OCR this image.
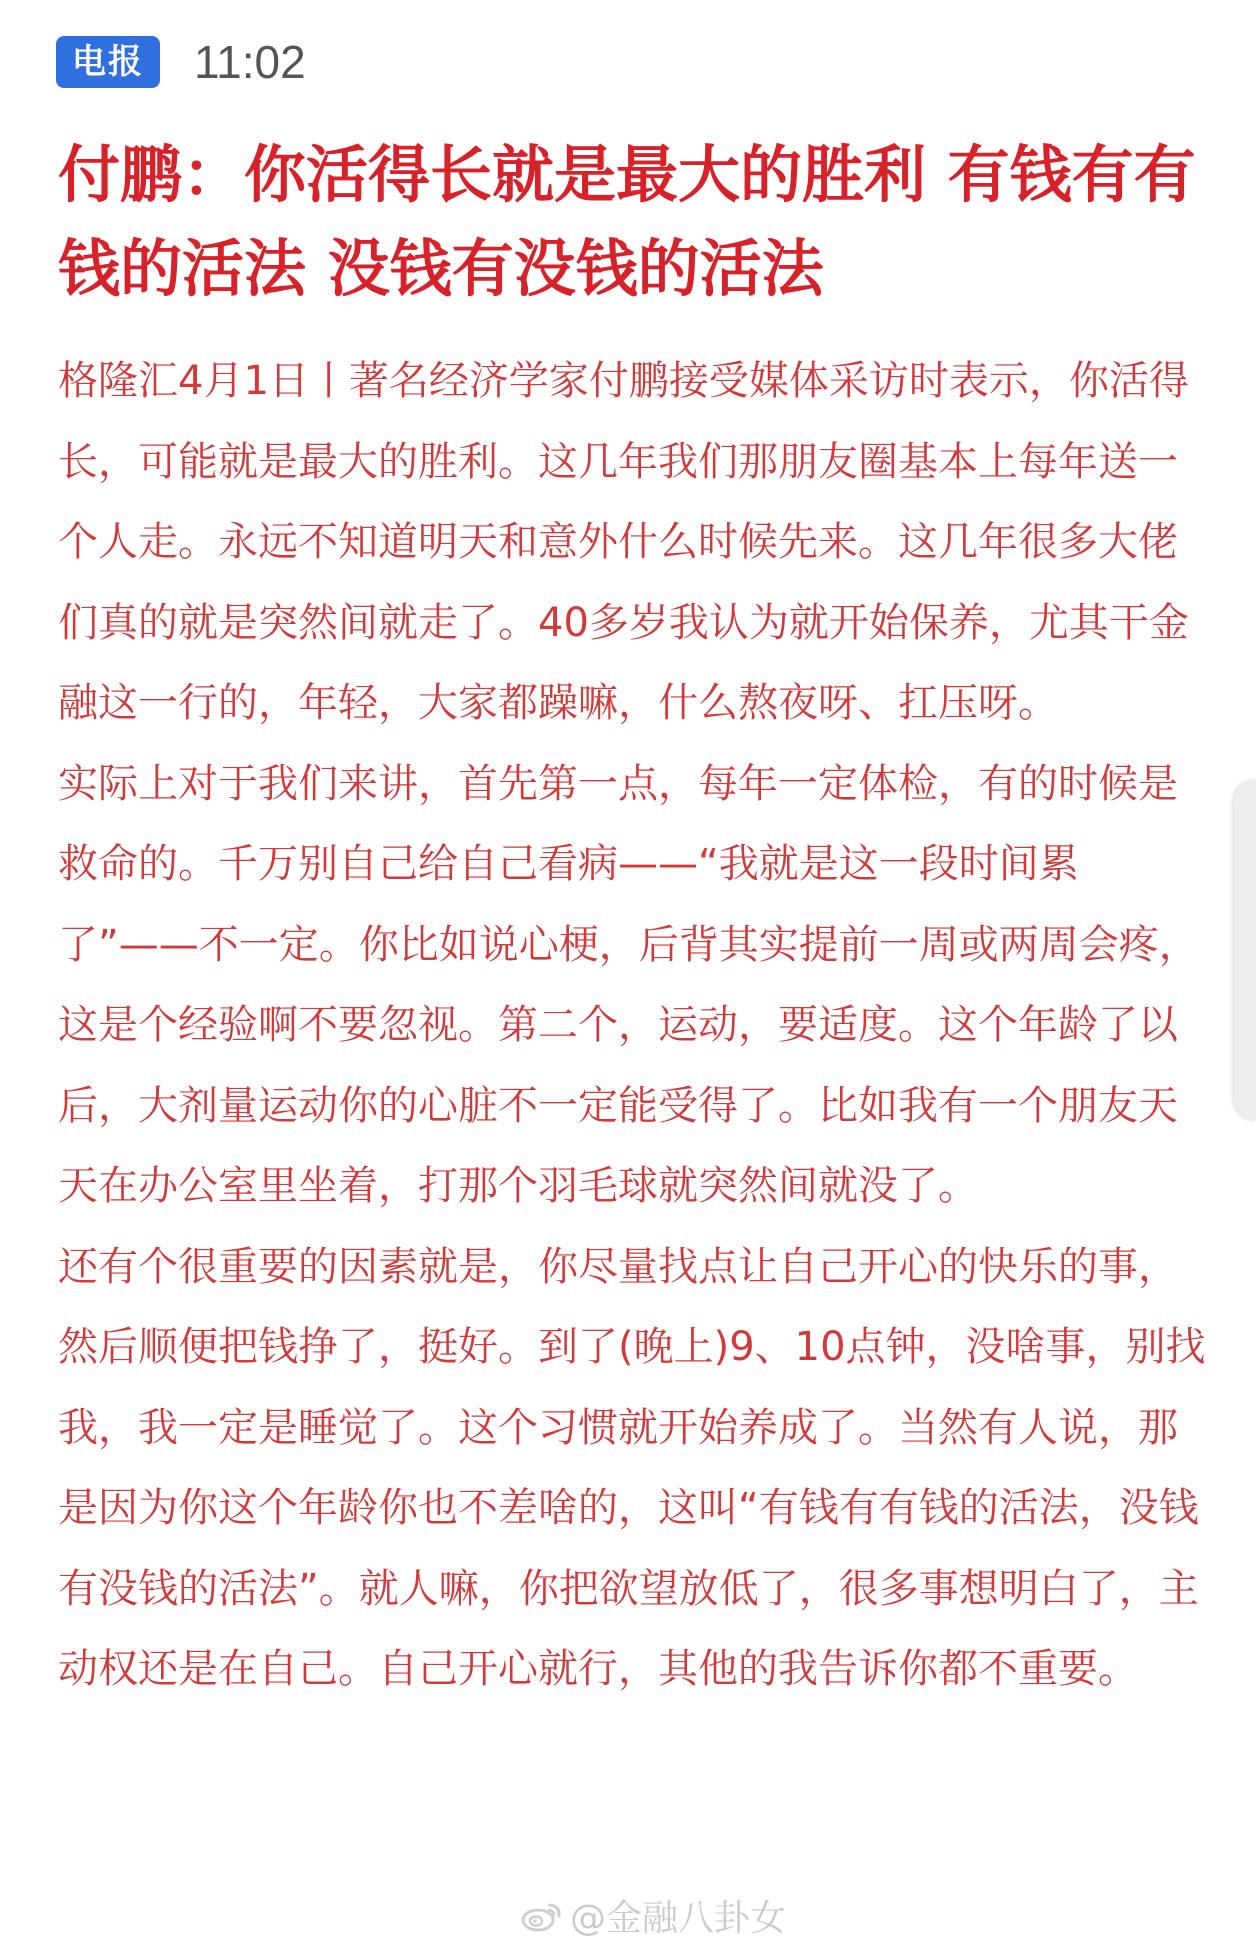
电报	11:02
付鹏：你活得长就是最大的胜利 有钱有有钱的活法 没钱有没钱的活法

格隆汇4月1日丨著名经济学家付鹏接受媒体采访时表示，你活得长，可能就是最大的胜利。这几年我们那朋友圈基本上每年送一个人走。永远不知道明天和意外什么时候先来。这几年很多大佬们真的就是突然间就走了。40多岁我认为就开始保养，尤其干金融这一行的，年轻，大家都躁嘛，什么熬夜呀、扛压呀。

实际上对于我们来讲，首先第一点，每年一定体检，有的时候是救命的。千万别自己给自己看病——“我就是这一段时间累了”——不一定。你比如说心梗，后背其实提前一周或两周会疼，这是个经验啊不要忽视。第二个，运动，要适度。这个年龄了以后，大剂量运动你的心脏不一定能受得了。比如我有一个朋友天天在办公室里坐着，打那个羽毛球就突然间就没了。

还有个很重要的因素就是，你尽量找点让自己开心的快乐的事，然后顺便把钱挣了，挺好。到了(晚上)9、10点钟，没啥事，别找我，我一定是睡觉了。这个习惯就开始养成了。当然有人说，那是因为你这个年龄你也不差啥的，这叫“有钱有有钱的活法，没钱有没钱的活法”。就人嘛，你把欲望放低了，很多事想明白了，主动权还是在自己。自己开心就行，其他的我告诉你都不重要。

@金融八卦女
